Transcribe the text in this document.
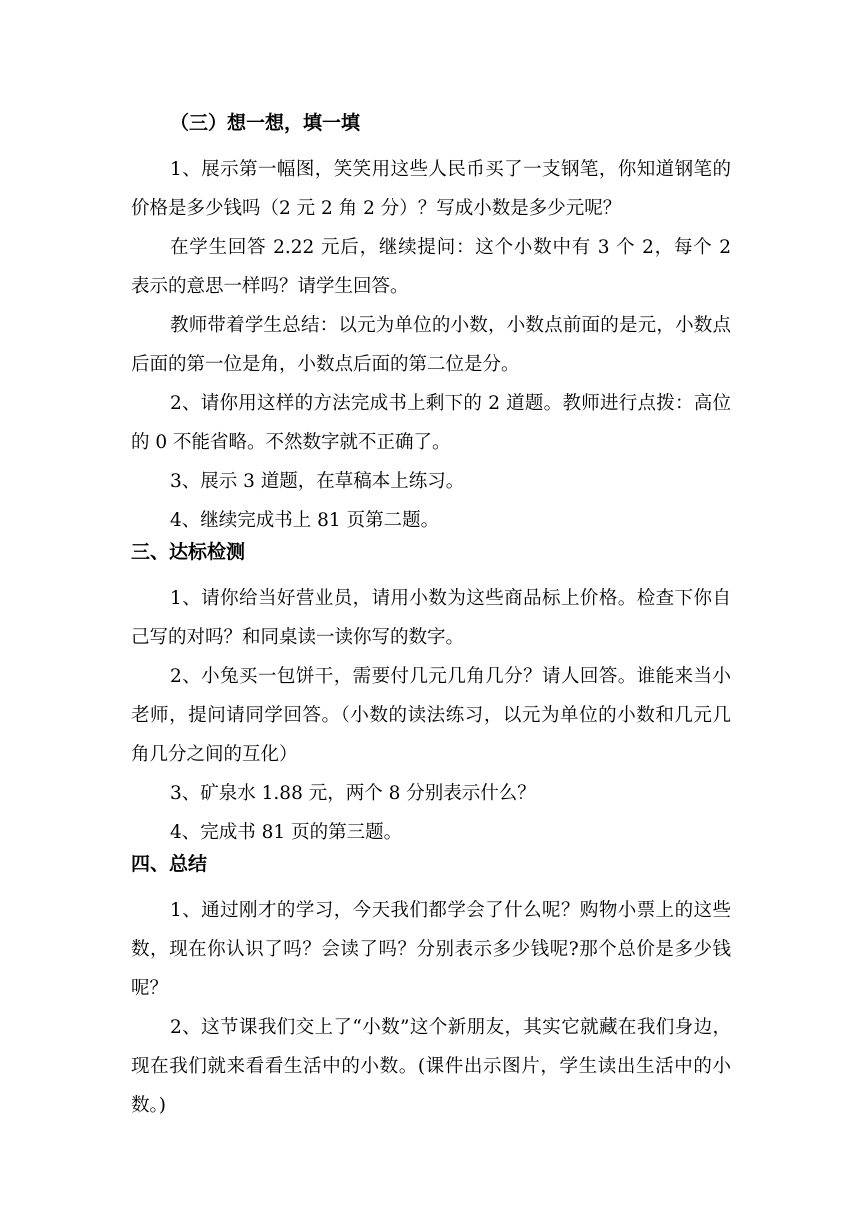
（三）想一想，填一填

1、展示第一幅图，笑笑用这些人民币买了一支钢笔，你知道钢笔的价格是多少钱吗（2 元 2 角 2 分）？写成小数是多少元呢？

在学生回答 2.22 元后，继续提问：这个小数中有 3 个 2，每个 2 表示的意思一样吗？请学生回答。

教师带着学生总结：以元为单位的小数，小数点前面的是元，小数点后面的第一位是角，小数点后面的第二位是分。

2、请你用这样的方法完成书上剩下的 2 道题。教师进行点拨：高位的 0 不能省略。不然数字就不正确了。

3、展示 3 道题，在草稿本上练习。

4、继续完成书上 81 页第二题。

三、达标检测

1、请你给当好营业员，请用小数为这些商品标上价格。检查下你自己写的对吗？和同桌读一读你写的数字。

2、小兔买一包饼干，需要付几元几角几分？请人回答。谁能来当小老师，提问请同学回答。（小数的读法练习，以元为单位的小数和几元几角几分之间的互化）

3、矿泉水 1.88 元，两个 8 分别表示什么？

4、完成书 81 页的第三题。

四、总结

1、通过刚才的学习，今天我们都学会了什么呢？购物小票上的这些数，现在你认识了吗？会读了吗？分别表示多少钱呢?那个总价是多少钱呢？

2、这节课我们交上了“小数”这个新朋友，其实它就藏在我们身边，现在我们就来看看生活中的小数。(课件出示图片，学生读出生活中的小数。)
